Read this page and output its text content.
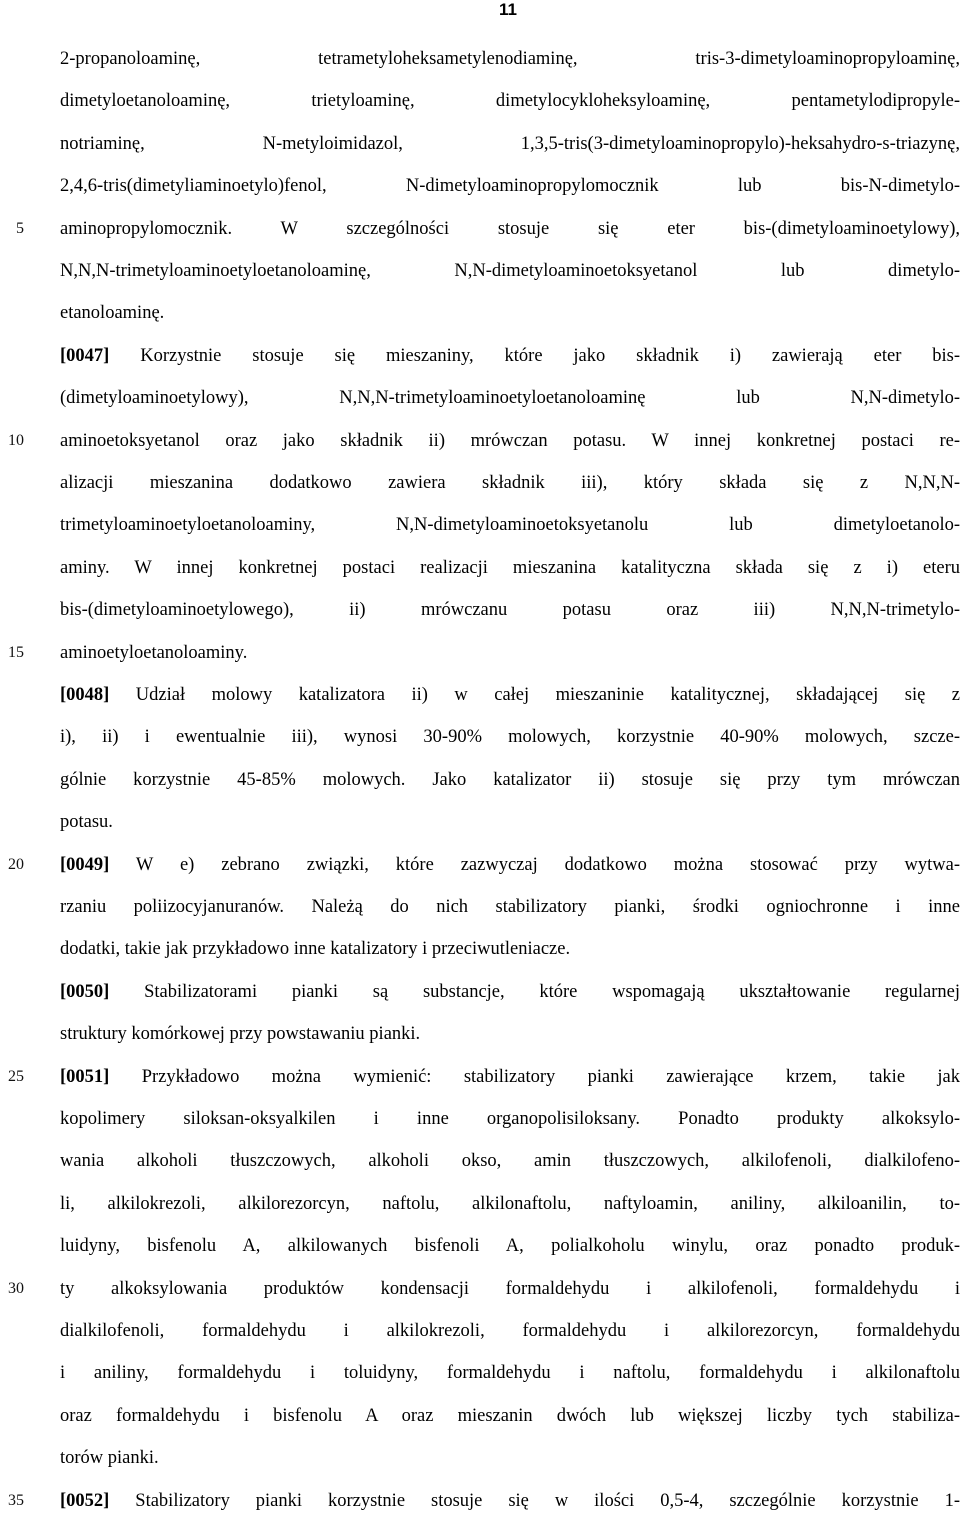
11
5
10
15
20
25
30
35
2-propanoloaminę, tetrametyloheksametylenodiaminę, tris-3-dimetyloaminopropyloaminę,
dimetyloetanoloaminę, trietyloaminę, dimetylocykloheksyloaminę, pentametylodipropyle-
notriaminę, N-metyloimidazol, 1,3,5-tris(3-dimetyloaminopropylo)-heksahydro-s-triazynę,
2,4,6-tris(dimetyliaminoetylo)fenol, N-dimetyloaminopropylomocznik lub bis-N-dimetylo-
aminopropylomocznik. W szczególności stosuje się eter bis-(dimetyloaminoetylowy),
N,N,N-trimetyloaminoetyloetanoloaminę, N,N-dimetyloaminoetoksyetanol lub dimetylo-
etanoloaminę.
[0047] Korzystnie stosuje się mieszaniny, które jako składnik i) zawierają eter bis-
(dimetyloaminoetylowy), N,N,N-trimetyloaminoetyloetanoloaminę lub N,N-dimetylo-
aminoetoksyetanol oraz jako składnik ii) mrówczan potasu. W innej konkretnej postaci re-
alizacji mieszanina dodatkowo zawiera składnik iii), który składa się z N,N,N-
trimetyloaminoetyloetanoloaminy, N,N-dimetyloaminoetoksyetanolu lub dimetyloetanolo-
aminy. W innej konkretnej postaci realizacji mieszanina katalityczna składa się z i) eteru
bis-(dimetyloaminoetylowego), ii) mrówczanu potasu oraz iii) N,N,N-trimetylo-
aminoetyloetanoloaminy.
[0048] Udział molowy katalizatora ii) w całej mieszaninie katalitycznej, składającej się z
i), ii) i ewentualnie iii), wynosi 30-90% molowych, korzystnie 40-90% molowych, szcze-
gólnie korzystnie 45-85% molowych. Jako katalizator ii) stosuje się przy tym mrówczan
potasu.
[0049] W e) zebrano związki, które zazwyczaj dodatkowo można stosować przy wytwa-
rzaniu poliizocyjanuranów. Należą do nich stabilizatory pianki, środki ogniochronne i inne
dodatki, takie jak przykładowo inne katalizatory i przeciwutleniacze.
[0050] Stabilizatorami pianki są substancje, które wspomagają ukształtowanie regularnej
struktury komórkowej przy powstawaniu pianki.
[0051] Przykładowo można wymienić: stabilizatory pianki zawierające krzem, takie jak
kopolimery siloksan-oksyalkilen i inne organopolisiloksany. Ponadto produkty alkoksylo-
wania alkoholi tłuszczowych, alkoholi okso, amin tłuszczowych, alkilofenoli, dialkilofeno-
li, alkilokrezoli, alkilorezorcyn, naftolu, alkilonaftolu, naftyloamin, aniliny, alkiloanilin, to-
luidyny, bisfenolu A, alkilowanych bisfenoli A, polialkoholu winylu, oraz ponadto produk-
ty alkoksylowania produktów kondensacji formaldehydu i alkilofenoli, formaldehydu i
dialkilofenoli, formaldehydu i alkilokrezoli, formaldehydu i alkilorezorcyn, formaldehydu
i aniliny, formaldehydu i toluidyny, formaldehydu i naftolu, formaldehydu i alkilonaftolu
oraz formaldehydu i bisfenolu A oraz mieszanin dwóch lub większej liczby tych stabiliza-
torów pianki.
[0052] Stabilizatory pianki korzystnie stosuje się w ilości 0,5-4, szczególnie korzystnie 1-
